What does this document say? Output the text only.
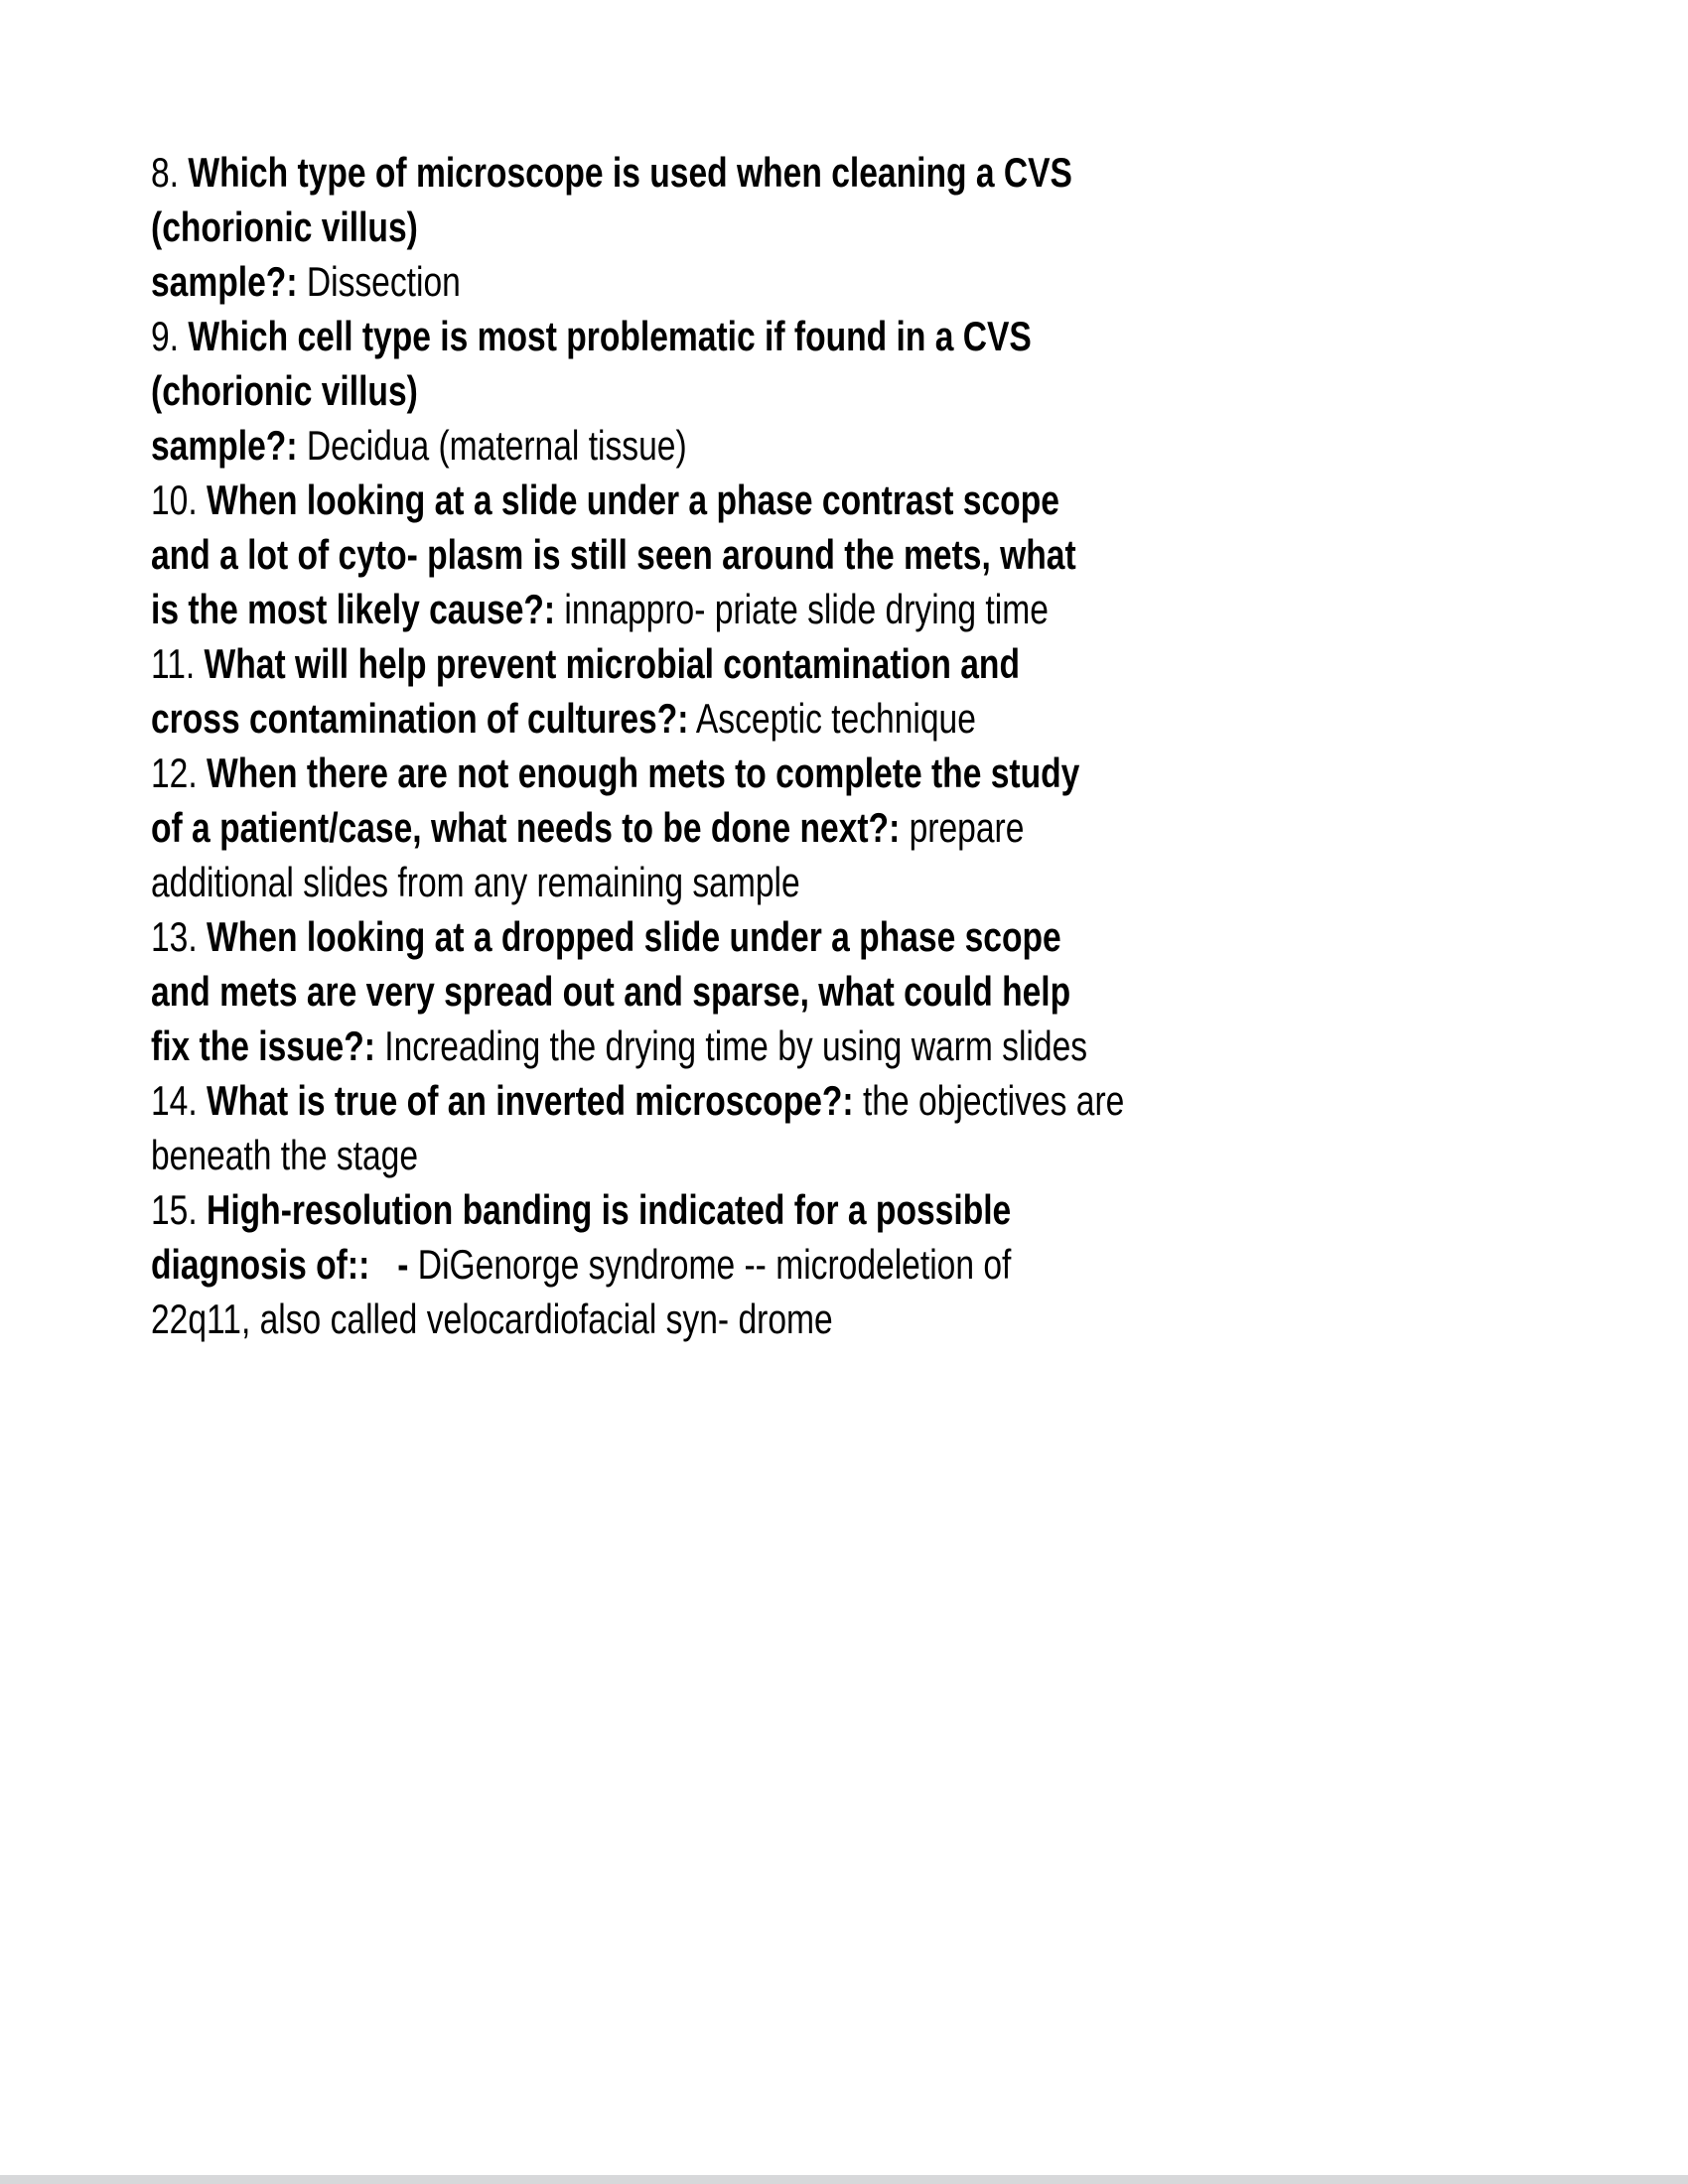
8. Which type of microscope is used when cleaning a CVS
(chorionic villus)
sample?: Dissection
9. Which cell type is most problematic if found in a CVS
(chorionic villus)
sample?: Decidua (maternal tissue)
10. When looking at a slide under a phase contrast scope
and a lot of cyto- plasm is still seen around the mets, what
is the most likely cause?: innappro- priate slide drying time
11. What will help prevent microbial contamination and
cross contamination of cultures?: Asceptic technique
12. When there are not enough mets to complete the study
of a patient/case, what needs to be done next?: prepare
additional slides from any remaining sample
13. When looking at a dropped slide under a phase scope
and mets are very spread out and sparse, what could help
fix the issue?: Increading the drying time by using warm slides
14. What is true of an inverted microscope?: the objectives are
beneath the stage
15. High-resolution banding is indicated for a possible
diagnosis of:: - DiGenorge syndrome -- microdeletion of
22q11, also called velocardiofacial syn- drome
